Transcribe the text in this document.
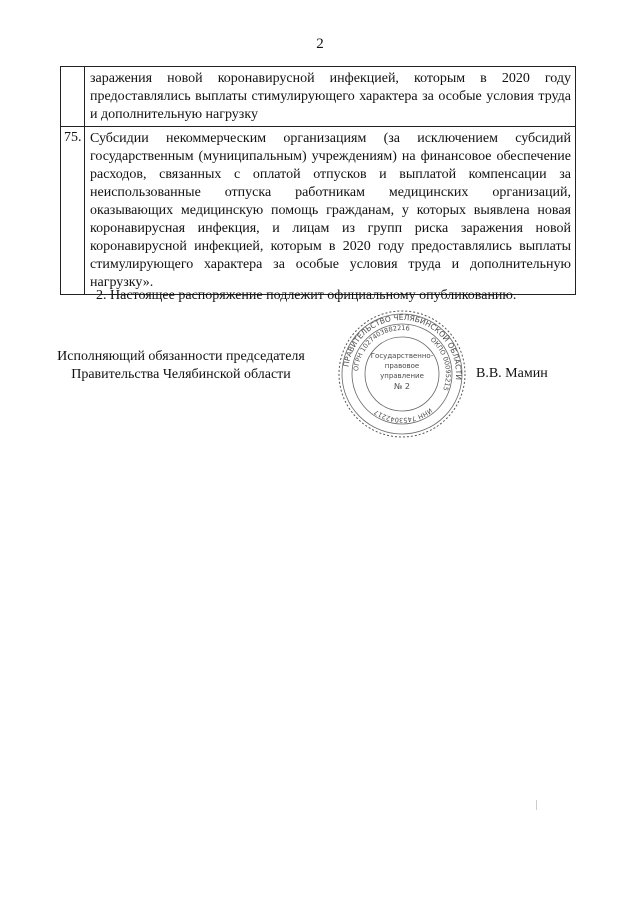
2
	заражения новой коронавирусной инфекцией, которым в 2020 году предоставлялись выплаты стимулирующего характера за особые условия труда и дополнительную нагрузку
75.	Субсидии некоммерческим организациям (за исключением субсидий государственным (муниципальным) учреждениям) на финансовое обеспечение расходов, связанных с оплатой отпусков и выплатой компенсации за неиспользованные отпуска работникам медицинских организаций, оказывающих медицинскую помощь гражданам, у которых выявлена новая коронавирусная инфекция, и лицам из групп риска заражения новой коронавирусной инфекцией, которым в 2020 году предоставлялись выплаты стимулирующего характера за особые условия труда и дополнительную нагрузку».
2. Настоящее распоряжение подлежит официальному опубликованию.
Исполняющий обязанности председателя
Правительства Челябинской области
ПРАВИТЕЛЬСТВО ЧЕЛЯБИНСКОЙ ОБЛАСТИ
ОГРН 1027403882216
ОКПО 00095215
ИНН 7453042217
Государственно-
правовое
управление
№ 2
В.В. Мамин
